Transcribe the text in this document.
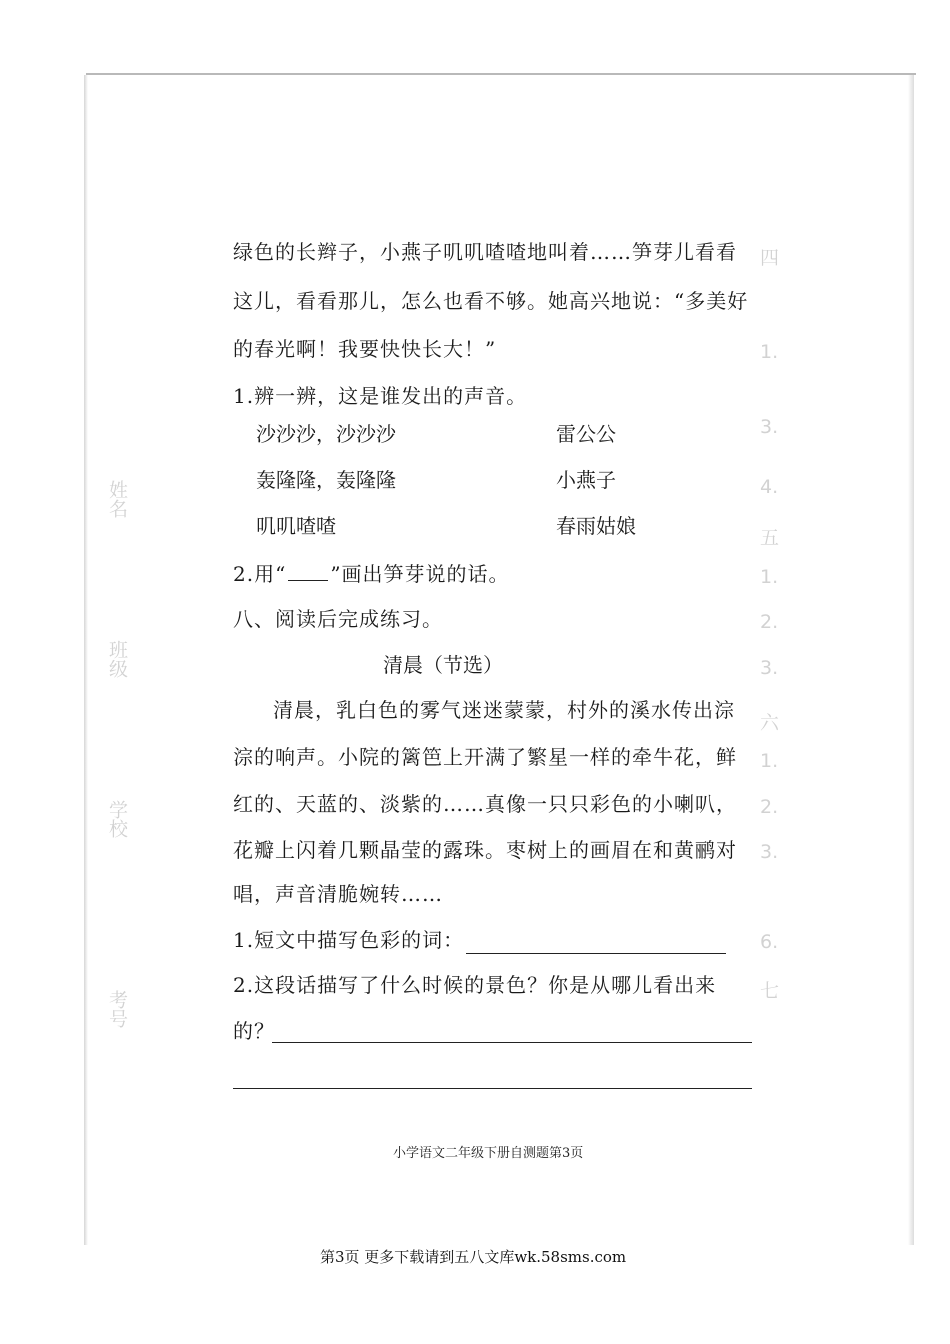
四
1.
3.
4.
五
1.
2.
3.
六
1.
2.
3.
6.
七
姓名
班级
学校
考号
绿色的长辫子，小燕子叽叽喳喳地叫着……笋芽儿看看
这儿，看看那儿，怎么也看不够。她高兴地说：“多美好
的春光啊！我要快快长大！”
1.辨一辨，这是谁发出的声音。
沙沙沙，沙沙沙
轰隆隆，轰隆隆
叽叽喳喳
雷公公
小燕子
春雨姑娘
2.用“ ”画出笋芽说的话。
八、阅读后完成练习。
清晨（节选）
清晨，乳白色的雾气迷迷蒙蒙，村外的溪水传出淙
淙的响声。小院的篱笆上开满了繁星一样的牵牛花，鲜
红的、天蓝的、淡紫的……真像一只只彩色的小喇叭，
花瓣上闪着几颗晶莹的露珠。枣树上的画眉在和黄鹂对
唱，声音清脆婉转……
1.短文中描写色彩的词：
2.这段话描写了什么时候的景色？你是从哪儿看出来
的？
小学语文二年级下册自测题第3页
第3页 更多下载请到五八文库wk.58sms.com
